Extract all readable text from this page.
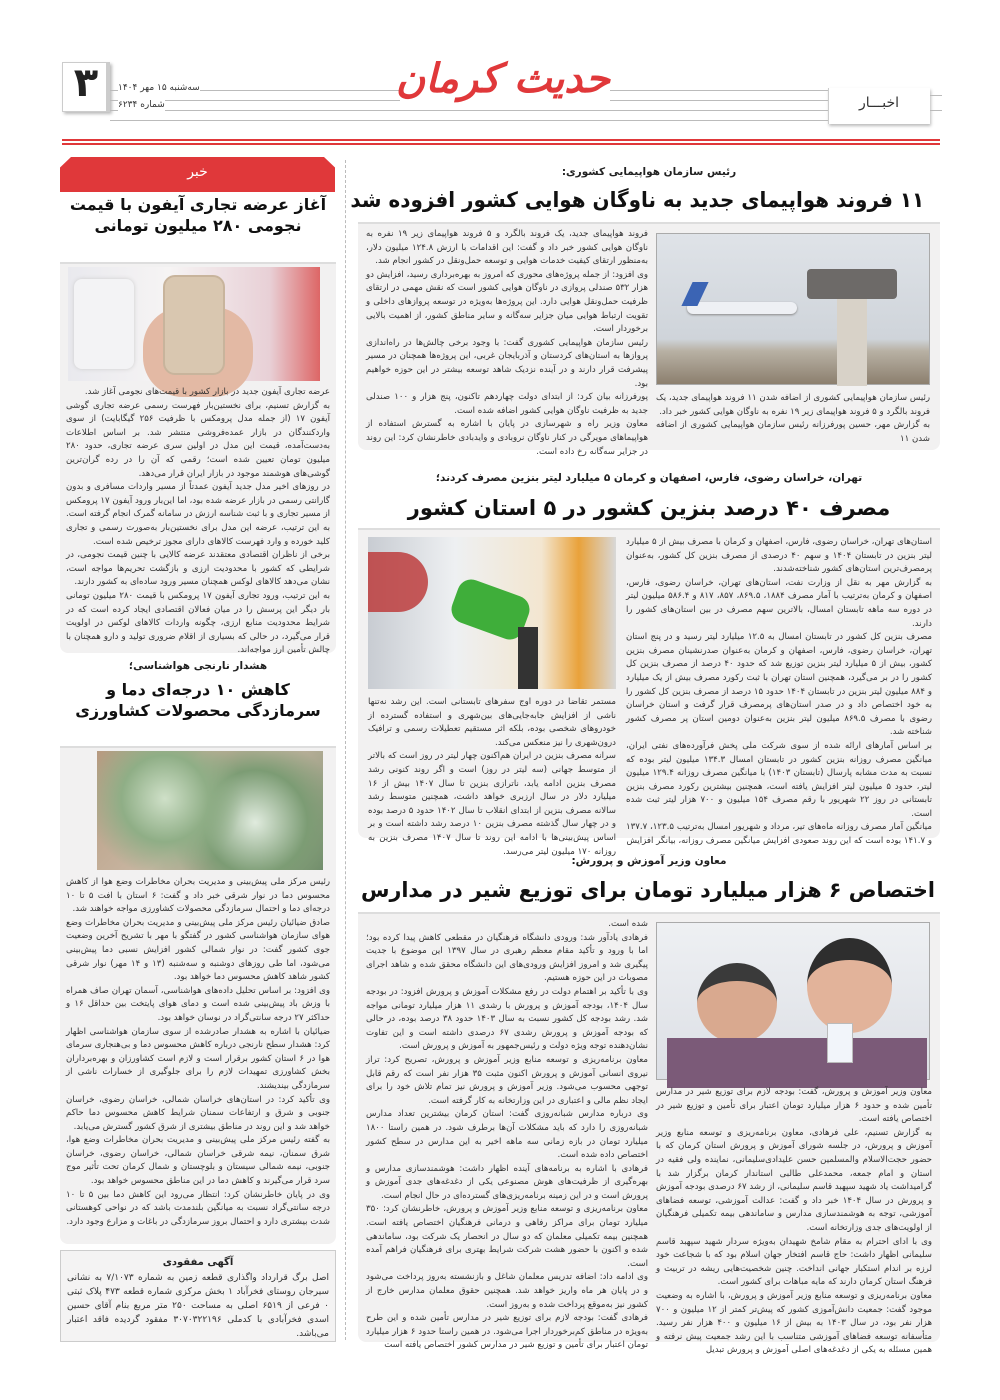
۳	سه‌شنبه ۱۵ مهر ۱۴۰۴
شماره ۶۲۳۴
حدیث کرمان
اخبـــار
خبر
آغاز عرضه تجاری آیفون با قیمت نجومی ۲۸۰ میلیون تومانی

عرضه تجاری آیفون جدید در بازار کشور با قیمت‌های نجومی آغاز شد.

به گزارش تسنیم، برای نخستین‌بار فهرست رسمی عرضه تجاری گوشی آیفون ۱۷ (از جمله مدل پرومکس با ظرفیت ۲۵۶ گیگابایت) از سوی واردکنندگان در بازار عمده‌فروشی منتشر شد. بر اساس اطلاعات به‌دست‌آمده، قیمت این مدل در اولین سری عرضه تجاری، حدود ۲۸۰ میلیون تومان تعیین شده است؛ رقمی که آن را در رده گران‌ترین گوشی‌های هوشمند موجود در بازار ایران قرار می‌دهد.

در روزهای اخیر مدل جدید آیفون عمدتاً از مسیر واردات مسافری و بدون گارانتی رسمی در بازار عرضه شده بود، اما این‌بار ورود آیفون ۱۷ پرومکس از مسیر تجاری و با ثبت شناسه ارزش در سامانه گمرک انجام گرفته است. به این ترتیب، عرضه این مدل برای نخستین‌بار به‌صورت رسمی و تجاری کلید خورده و وارد فهرست کالاهای دارای مجوز ترخیص شده است.

برخی از ناظران اقتصادی معتقدند عرضه کالایی با چنین قیمت نجومی، در شرایطی که کشور با محدودیت ارزی و بازگشت تحریم‌ها مواجه است، نشان می‌دهد کالاهای لوکس همچنان مسیر ورود ساده‌ای به کشور دارند.

به این ترتیب، ورود تجاری آیفون ۱۷ پرومکس با قیمت ۲۸۰ میلیون تومانی بار دیگر این پرسش را در میان فعالان اقتصادی ایجاد کرده است که در شرایط محدودیت منابع ارزی، چگونه واردات کالاهای لوکس در اولویت قرار می‌گیرد، در حالی که بسیاری از اقلام ضروری تولید و دارو همچنان با چالش تأمین ارز مواجه‌اند.

هشدار نارنجی هواشناسی؛
کاهش ۱۰ درجه‌ای دما و سرمازدگی محصولات کشاورزی

رئیس مرکز ملی پیش‌بینی و مدیریت بحران مخاطرات وضع هوا از کاهش محسوس دما در نوار شرقی خبر داد و گفت: ۶ استان با افت ۵ تا ۱۰ درجه‌ای دما و احتمال سرمازدگی محصولات کشاورزی مواجه خواهند شد.

صادق ضیائیان رئیس مرکز ملی پیش‌بینی و مدیریت بحران مخاطرات وضع هوای سازمان هواشناسی کشور در گفتگو با مهر با تشریح آخرین وضعیت جوی کشور گفت: در نوار شمالی کشور افزایش نسبی دما پیش‌بینی می‌شود، اما طی روزهای دوشنبه و سه‌شنبه (۱۳ و ۱۴ مهر) نوار شرقی کشور شاهد کاهش محسوس دما خواهد بود.

وی افزود: بر اساس تحلیل داده‌های هواشناسی، آسمان تهران صاف همراه با وزش باد پیش‌بینی شده است و دمای هوای پایتخت بین حداقل ۱۶ و حداکثر ۲۷ درجه سانتی‌گراد در نوسان خواهد بود.

ضیائیان با اشاره به هشدار صادرشده از سوی سازمان هواشناسی اظهار کرد: هشدار سطح نارنجی درباره کاهش محسوس دما و بی‌هنجاری سرمای هوا در ۶ استان کشور برقرار است و لازم است کشاورزان و بهره‌برداران بخش کشاورزی تمهیدات لازم را برای جلوگیری از خسارات ناشی از سرمازدگی بیندیشند.

وی تأکید کرد: در استان‌های خراسان شمالی، خراسان رضوی، خراسان جنوبی و شرق و ارتفاعات سمنان شرایط کاهش محسوس دما حاکم خواهد شد و این روند در مناطق بیشتری از شرق کشور گسترش می‌یابد.

به گفته رئیس مرکز ملی پیش‌بینی و مدیریت بحران مخاطرات وضع هوا، شرق سمنان، نیمه شرقی خراسان شمالی، خراسان رضوی، خراسان جنوبی، نیمه شمالی سیستان و بلوچستان و شمال کرمان تحت تأثیر موج سرد قرار می‌گیرند و کاهش دما در این مناطق محسوس خواهد بود.

وی در پایان خاطرنشان کرد: انتظار می‌رود این کاهش دما بین ۵ تا ۱۰ درجه سانتی‌گراد نسبت به میانگین بلندمدت باشد که در نواحی کوهستانی شدت بیشتری دارد و احتمال بروز سرمازدگی در باغات و مزارع وجود دارد.

آگهی مفقودی
اصل برگ قرارداد واگذاری قطعه زمین به شماره ۷/۱۰۷۳ به نشانی سیرجان روستای فخرآباد ۱ بخش مرکزی شماره قطعه ۴۷۳ پلاک ثبتی ۰ فرعی از ۶۵۱۹ اصلی به مساحت ۲۵۰ متر مربع بنام آقای حسین اسدی فخرآبادی با کدملی ۳۰۷۰۳۲۲۱۹۶ مفقود گردیده فاقد اعتبار می‌باشد.
رئیس سازمان هواپیمایی کشوری:
۱۱ فروند هواپیمای جدید به ناوگان هوایی کشور افزوده شد

رئیس سازمان هواپیمایی کشوری از اضافه شدن ۱۱ فروند هواپیمای جدید، یک فروند بالگرد و ۵ فروند هواپیمای زیر ۱۹ نفره به ناوگان هوایی کشور خبر داد.

به گزارش مهر، حسین پورفرزانه رئیس سازمان هواپیمایی کشوری از اضافه شدن ۱۱

فروند هواپیمای جدید، یک فروند بالگرد و ۵ فروند هواپیمای زیر ۱۹ نفره به ناوگان هوایی کشور خبر داد و گفت: این اقدامات با ارزش ۱۲۴.۸ میلیون دلار، به‌منظور ارتقای کیفیت خدمات هوایی و توسعه حمل‌ونقل در کشور انجام شد.

وی افزود: از جمله پروژه‌های محوری که امروز به بهره‌برداری رسید، افزایش دو هزار ۵۳۲ صندلی پروازی در ناوگان هوایی کشور است که نقش مهمی در ارتقای ظرفیت حمل‌ونقل هوایی دارد. این پروژه‌ها به‌ویژه در توسعه پروازهای داخلی و تقویت ارتباط هوایی میان جزایر سه‌گانه و سایر مناطق کشور، از اهمیت بالایی برخوردار است.

رئیس سازمان هواپیمایی کشوری گفت: با وجود برخی چالش‌ها در راه‌اندازی پروازها به استان‌های کردستان و آذربایجان غربی، این پروژه‌ها همچنان در مسیر پیشرفت قرار دارند و در آینده نزدیک شاهد توسعه بیشتر در این حوزه خواهیم بود.

پورفرزانه بیان کرد: از ابتدای دولت چهاردهم تاکنون، پنج هزار و ۱۰۰ صندلی جدید به ظرفیت ناوگان هوایی کشور اضافه شده است.

معاون وزیر راه و شهرسازی در پایان با اشاره به گسترش استفاده از هواپیماهای مویرگی در کنار ناوگان نروبادی و وایدبادی خاطرنشان کرد: این روند در جزایر سه‌گانه رخ داده است.

تهران، خراسان رضوی، فارس، اصفهان و کرمان ۵ میلیارد لیتر بنزین مصرف کردند؛
مصرف ۴۰ درصد بنزین کشور در ۵ استان کشور

استان‌های تهران، خراسان رضوی، فارس، اصفهان و کرمان با مصرف بیش از ۵ میلیارد لیتر بنزین در تابستان ۱۴۰۴ و سهم ۴۰ درصدی از مصرف بنزین کل کشور، به‌عنوان پرمصرف‌ترین استان‌های کشور شناخته‌شدند.

به گزارش مهر به نقل از وزارت نفت، استان‌های تهران، خراسان رضوی، فارس، اصفهان و کرمان به‌ترتیب با آمار مصرف ۱۸۸۴، ۸۶۹.۵، ۸۵۷، ۸۱۷ و ۵۸۶.۴ میلیون لیتر در دوره سه ماهه تابستان امسال، بالاترین سهم مصرف در بین استان‌های کشور را دارند.

مصرف بنزین کل کشور در تابستان امسال به ۱۲.۵ میلیارد لیتر رسید و در پنج استان تهران، خراسان رضوی، فارس، اصفهان و کرمان به‌عنوان صدرنشینان مصرف بنزین کشور، بیش از ۵ میلیارد لیتر بنزین توزیع شد که حدود ۴۰ درصد از مصرف بنزین کل کشور را در بر می‌گیرد، همچنین استان تهران با ثبت رکورد مصرف بیش از یک میلیارد و ۸۸۴ میلیون لیتر بنزین در تابستان ۱۴۰۴ حدود ۱۵ درصد از مصرف بنزین کل کشور را به خود اختصاص داد و در صدر استان‌های پرمصرف قرار گرفت و استان خراسان رضوی با مصرف ۸۶۹.۵ میلیون لیتر بنزین به‌عنوان دومین استان پر مصرف کشور شناخته شد.

بر اساس آمارهای ارائه شده از سوی شرکت ملی پخش فرآورده‌های نفتی ایران، میانگین مصرف روزانه بنزین کشور در تابستان امسال ۱۳۴.۳ میلیون لیتر بوده که نسبت به مدت مشابه پارسال (تابستان ۱۴۰۳) با میانگین مصرف روزانه ۱۲۹.۴ میلیون لیتر، حدود ۵ میلیون لیتر افزایش یافته است، همچنین بیشترین رکورد مصرف بنزین تابستانی در روز ۲۲ شهریور با رقم مصرف ۱۵۴ میلیون و ۷۰۰ هزار لیتر ثبت شده است.

میانگین آمار مصرف روزانه ماه‌های تیر، مرداد و شهریور امسال به‌ترتیب ۱۲۳.۵، ۱۳۷.۷ و ۱۴۱.۷ بوده است که این روند صعودی افزایش میانگین مصرف روزانه، بیانگر افزایش

مستمر تقاضا در دوره اوج سفرهای تابستانی است. این رشد نه‌تنها ناشی از افزایش جابه‌جایی‌های بین‌شهری و استفاده گسترده از خودروهای شخصی بوده، بلکه اثر مستقیم تعطیلات رسمی و ترافیک درون‌شهری را نیز منعکس می‌کند.

سرانه مصرف بنزین در ایران هم‌اکنون چهار لیتر در روز است که بالاتر از متوسط جهانی (سه لیتر در روز) است و اگر روند کنونی رشد مصرف بنزین ادامه یابد، ناترازی بنزین تا سال ۱۴۰۷ بیش از ۱۶ میلیارد دلار در سال ارزبری خواهد داشت، همچنین متوسط رشد سالانه مصرف بنزین از ابتدای انقلاب تا سال ۱۴۰۲ حدود ۵ درصد بوده و در چهار سال گذشته مصرف بنزین ۱۰ درصد رشد داشته است و بر اساس پیش‌بینی‌ها با ادامه این روند تا سال ۱۴۰۷ مصرف بنزین به روزانه ۱۷۰ میلیون لیتر می‌رسد.

معاون وزیر آموزش و پرورش:
اختصاص ۶ هزار میلیارد تومان برای توزیع شیر در مدارس

معاون وزیر آموزش و پرورش، گفت: بودجه لازم برای توزیع شیر در مدارس تأمین شده و حدود ۶ هزار میلیارد تومان اعتبار برای تأمین و توزیع شیر در اختصاص یافته است.

به گزارش تسنیم، علی فرهادی، معاون برنامه‌ریزی و توسعه منابع وزیر آموزش و پرورش، در جلسه شورای آموزش و پرورش استان کرمان که با حضور حجت‌الاسلام والمسلمین حسن علیدادی‌سلیمانی، نماینده ولی فقیه در استان و امام جمعه، محمدعلی طالبی استاندار کرمان برگزار شد با گرامیداشت یاد شهید سپهبد قاسم سلیمانی، از رشد ۶۷ درصدی بودجه آموزش و پرورش در سال ۱۴۰۴ خبر داد و گفت: عدالت آموزشی، توسعه فضاهای آموزشی، توجه به هوشمندسازی مدارس و ساماندهی بیمه تکمیلی فرهنگیان از اولویت‌های جدی وزارتخانه است.

وی با ادای احترام به مقام شامخ شهیدان به‌ویژه سردار شهید سپهبد قاسم سلیمانی اظهار داشت: حاج قاسم افتخار جهان اسلام بود که با شجاعت خود لرزه بر اندام استکبار جهانی انداخت. چنین شخصیت‌هایی ریشه در تربیت و فرهنگ استان کرمان دارند که مایه مباهات برای کشور است.

معاون برنامه‌ریزی و توسعه منابع وزیر آموزش و پرورش، با اشاره به وضعیت موجود گفت: جمعیت دانش‌آموزی کشور که پیش‌تر کمتر از ۱۲ میلیون و ۷۰۰ هزار نفر بود، در سال ۱۴۰۳ به بیش از ۱۶ میلیون و ۴۰۰ هزار نفر رسید. متأسفانه توسعه فضاهای آموزشی متناسب با این رشد جمعیت پیش نرفته و همین مسئله به یکی از دغدغه‌های اصلی آموزش و پرورش تبدیل

شده است.

فرهادی یادآور شد: ورودی دانشگاه فرهنگیان در مقطعی کاهش پیدا کرده بود؛ اما با ورود و تأکید مقام معظم رهبری در سال ۱۳۹۷ این موضوع با جدیت پیگیری شد و امروز افزایش ورودی‌های این دانشگاه محقق شده و شاهد اجرای مصوبات در این حوزه هستیم.

وی با تأکید بر اهتمام دولت در رفع مشکلات آموزش و پرورش افزود: در بودجه سال ۱۴۰۴، بودجه آموزش و پرورش با رشدی ۱۱ هزار میلیارد تومانی مواجه شد. رشد بودجه کل کشور نسبت به سال ۱۴۰۳ حدود ۳۸ درصد بوده، در حالی که بودجه آموزش و پرورش رشدی ۶۷ درصدی داشته است و این تفاوت نشان‌دهنده توجه ویژه دولت و رئیس‌جمهور به آموزش و پرورش است.

معاون برنامه‌ریزی و توسعه منابع وزیر آموزش و پرورش، تصریح کرد: تراز نیروی انسانی آموزش و پرورش اکنون مثبت ۳۵ هزار نفر است که رقم قابل توجهی محسوب می‌شود. وزیر آموزش و پرورش نیز تمام تلاش خود را برای ایجاد نظم مالی و اعتباری در این وزارتخانه به کار گرفته است.

وی درباره مدارس شبانه‌روزی گفت: استان کرمان بیشترین تعداد مدارس شبانه‌روزی را دارد که باید مشکلات آن‌ها برطرف شود. در همین راستا ۱۸۰۰ میلیارد تومان در بازه زمانی سه ماهه اخیر به این مدارس در سطح کشور اختصاص داده شده است.

فرهادی با اشاره به برنامه‌های آینده اظهار داشت: هوشمندسازی مدارس و بهره‌گیری از ظرفیت‌های هوش مصنوعی یکی از دغدغه‌های جدی آموزش و پرورش است و در این زمینه برنامه‌ریزی‌های گسترده‌ای در حال انجام است.

معاون برنامه‌ریزی و توسعه منابع وزیر آموزش و پرورش، خاطرنشان کرد: ۳۵۰ میلیارد تومان برای مراکز رفاهی و درمانی فرهنگیان اختصاص یافته است. همچنین بیمه تکمیلی معلمان که دو سال در انحصار یک شرکت بود، ساماندهی شده و اکنون با حضور هشت شرکت شرایط بهتری برای فرهنگیان فراهم آمده است.

وی ادامه داد: اضافه تدریس معلمان شاغل و بازنشسته به‌روز پرداخت می‌شود و در پایان هر ماه واریز خواهد شد. همچنین حقوق معلمان مدارس خارج از کشور نیز به‌موقع پرداخت شده و به‌روز است.

فرهادی گفت: بودجه لازم برای توزیع شیر در مدارس تأمین شده و این طرح به‌ویژه در مناطق کم‌برخوردار اجرا می‌شود. در همین راستا حدود ۶ هزار میلیارد تومان اعتبار برای تأمین و توزیع شیر در مدارس کشور اختصاص یافته است
